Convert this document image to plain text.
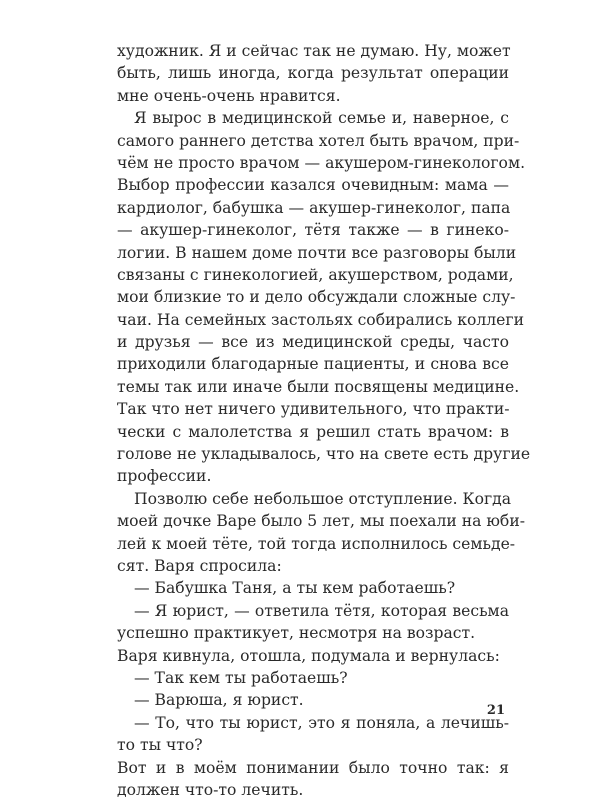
художник. Я и сейчас так не думаю. Ну, может
быть, лишь иногда, когда результат операции
мне очень-очень нравится.
Я вырос в медицинской семье и, наверное, с
самого раннего детства хотел быть врачом, при-
чём не просто врачом — акушером-гинекологом.
Выбор профессии казался очевидным: мама —
кардиолог, бабушка — акушер-гинеколог, папа
— акушер-гинеколог, тётя также — в гинеко-
логии. В нашем доме почти все разговоры были
связаны с гинекологией, акушерством, родами,
мои близкие то и дело обсуждали сложные слу-
чаи. На семейных застольях собирались коллеги
и друзья — все из медицинской среды, часто
приходили благодарные пациенты, и снова все
темы так или иначе были посвящены медицине.
Так что нет ничего удивительного, что практи-
чески с малолетства я решил стать врачом: в
голове не укладывалось, что на свете есть другие
профессии.
Позволю себе небольшое отступление. Когда
моей дочке Варе было 5 лет, мы поехали на юби-
лей к моей тёте, той тогда исполнилось семьде-
сят. Варя спросила:
— Бабушка Таня, а ты кем работаешь?
— Я юрист, — ответила тётя, которая весьма
успешно практикует, несмотря на возраст.
Варя кивнула, отошла, подумала и вернулась:
— Так кем ты работаешь?
— Варюша, я юрист.
— То, что ты юрист, это я поняла, а лечишь-
то ты что?
Вот и в моём понимании было точно так: я
должен что-то лечить.
21
